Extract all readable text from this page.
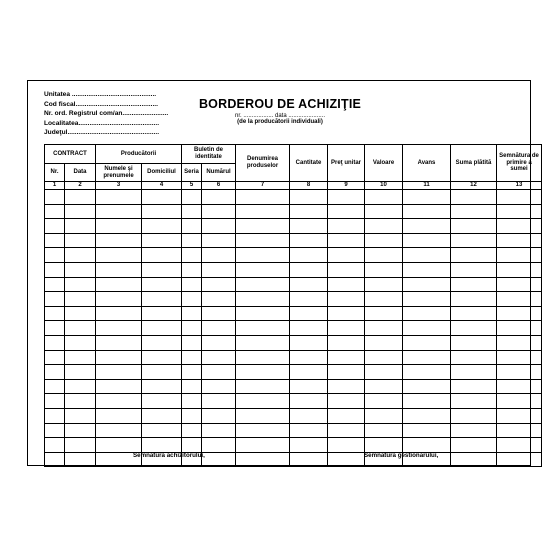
Unitatea ..............................................
Cod fiscal.............................................
Nr. ord. Registrul com/an.........................
Localitatea............................................
Judeţul..................................................
BORDEROU DE ACHIZIŢIE
nr. .................. data ......................
(de la producătorii individuali)
CONTRACT		Producătorii		Buletin de identitate		Denumirea produselor	Cantitate	Preţ unitar	Valoare	Avans	Suma plătită	Semnătura de primire a sumei
Nr.	Data	Numele şi prenumele	Domiciliul	Seria	Numărul							
1	2	3	4	5	6	7	8	9	10	11	12	13

Semnătura achizitorului,	Semnătura gestionarului,
